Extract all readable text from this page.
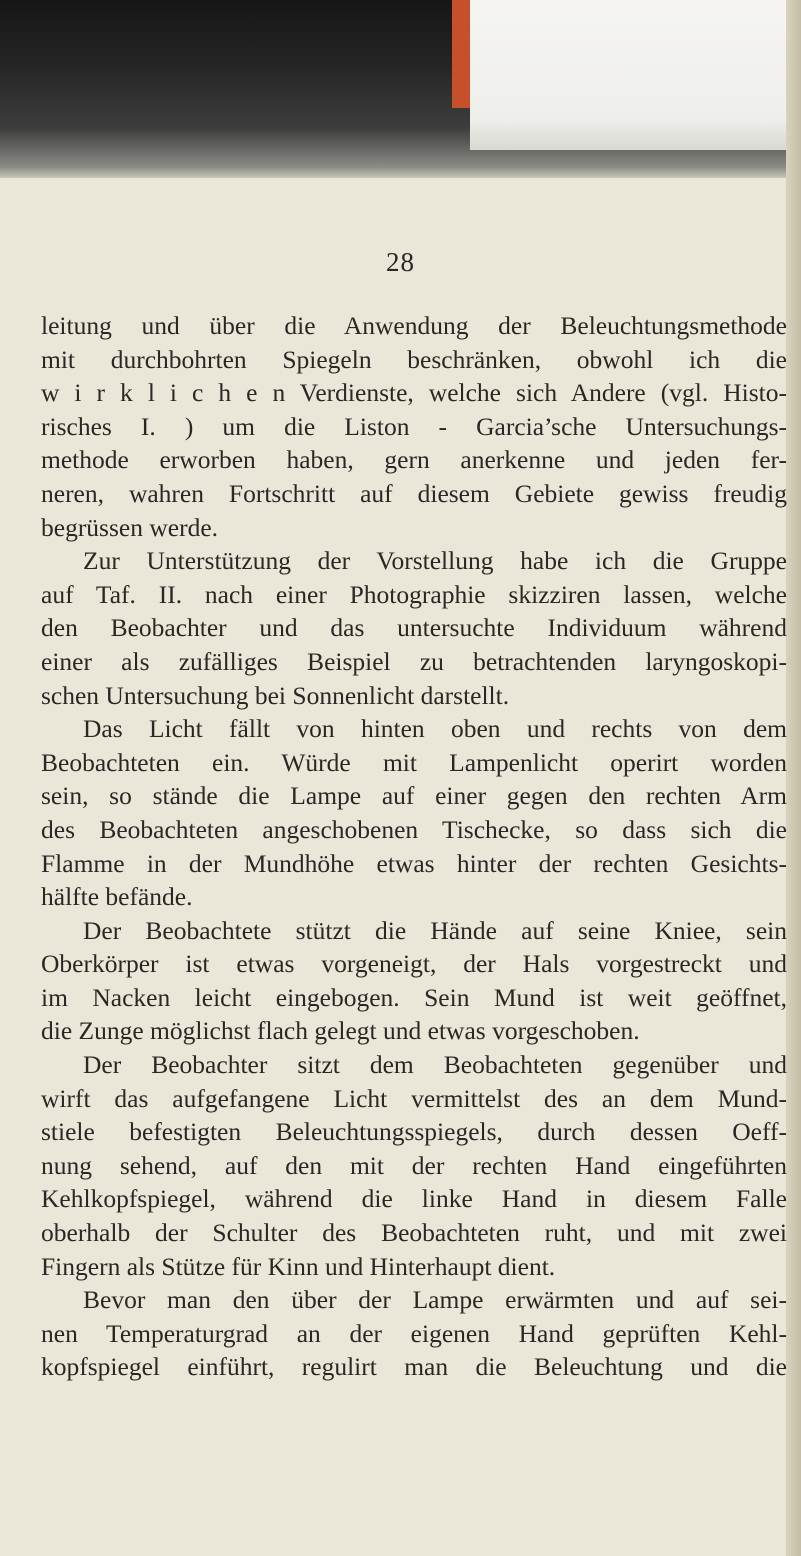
28
leitung und über die Anwendung der Beleuchtungsmethode
mit durchbohrten Spiegeln beschränken, obwohl ich die
w i r k l i c h e n Verdienste, welche sich Andere (vgl. Histo-
risches I. ) um die Liston - Garcia’sche Untersuchungs-
methode erworben haben, gern anerkenne und jeden fer-
neren, wahren Fortschritt auf diesem Gebiete gewiss freudig
begrüssen werde.
Zur Unterstützung der Vorstellung habe ich die Gruppe
auf Taf. II. nach einer Photographie skizziren lassen, welche
den Beobachter und das untersuchte Individuum während
einer als zufälliges Beispiel zu betrachtenden laryngoskopi-
schen Untersuchung bei Sonnenlicht darstellt.
Das Licht fällt von hinten oben und rechts von dem
Beobachteten ein. Würde mit Lampenlicht operirt worden
sein, so stände die Lampe auf einer gegen den rechten Arm
des Beobachteten angeschobenen Tischecke, so dass sich die
Flamme in der Mundhöhe etwas hinter der rechten Gesichts-
hälfte befände.
Der Beobachtete stützt die Hände auf seine Kniee, sein
Oberkörper ist etwas vorgeneigt, der Hals vorgestreckt und
im Nacken leicht eingebogen. Sein Mund ist weit geöffnet,
die Zunge möglichst flach gelegt und etwas vorgeschoben.
Der Beobachter sitzt dem Beobachteten gegenüber und
wirft das aufgefangene Licht vermittelst des an dem Mund-
stiele befestigten Beleuchtungsspiegels, durch dessen Oeff-
nung sehend, auf den mit der rechten Hand eingeführten
Kehlkopfspiegel, während die linke Hand in diesem Falle
oberhalb der Schulter des Beobachteten ruht, und mit zwei
Fingern als Stütze für Kinn und Hinterhaupt dient.
Bevor man den über der Lampe erwärmten und auf sei-
nen Temperaturgrad an der eigenen Hand geprüften Kehl-
kopfspiegel einführt, regulirt man die Beleuchtung und die
